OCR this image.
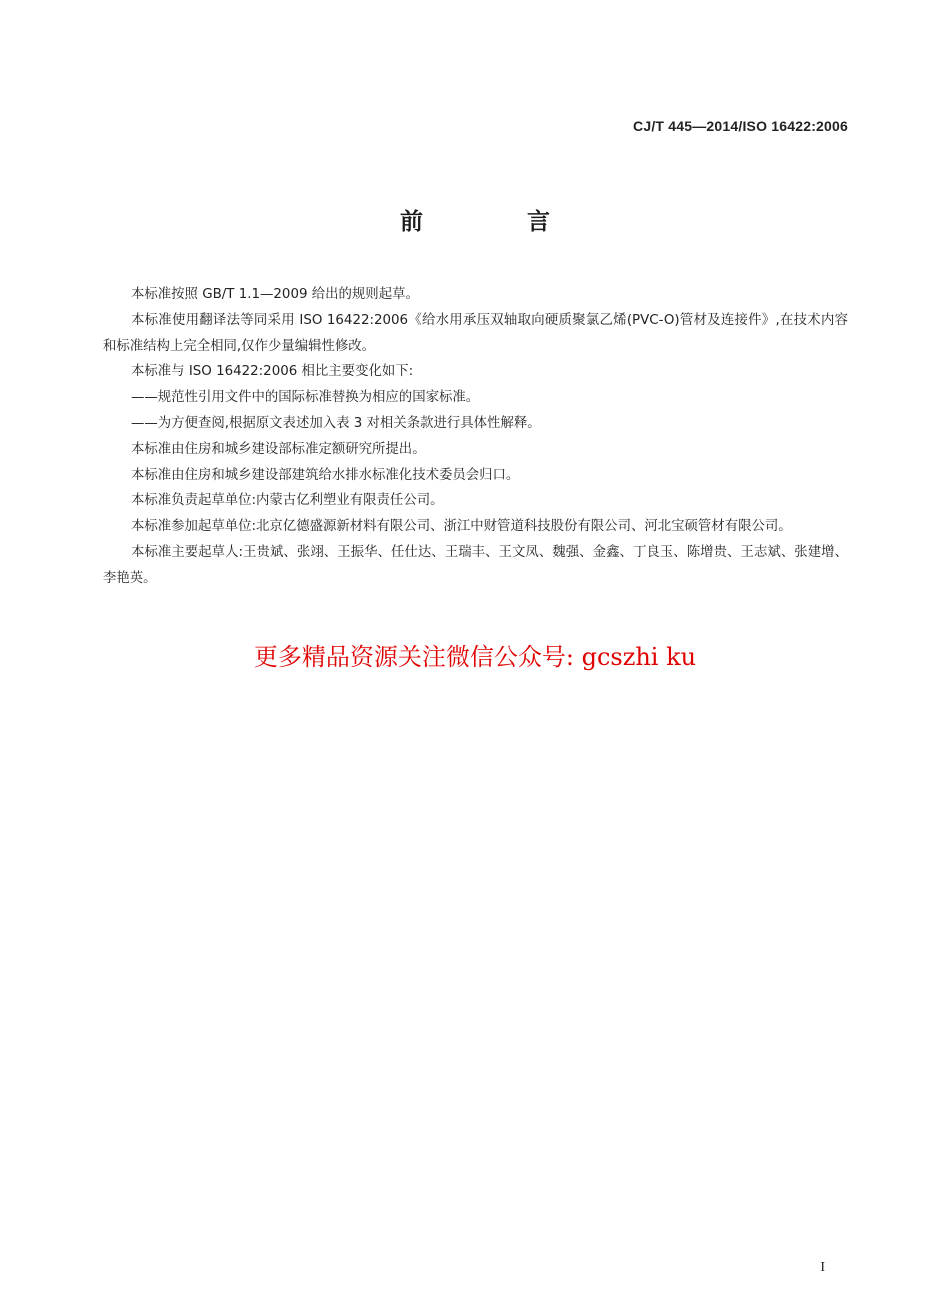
CJ/T 445—2014/ISO 16422:2006
前 言

本标准按照 GB/T 1.1—2009 给出的规则起草。

本标准使用翻译法等同采用 ISO 16422:2006《给水用承压双轴取向硬质聚氯乙烯(PVC-O)管材及连接件》,在技术内容和标准结构上完全相同,仅作少量编辑性修改。

本标准与 ISO 16422:2006 相比主要变化如下:

——规范性引用文件中的国际标准替换为相应的国家标准。

——为方便查阅,根据原文表述加入表 3 对相关条款进行具体性解释。

本标准由住房和城乡建设部标准定额研究所提出。

本标准由住房和城乡建设部建筑给水排水标准化技术委员会归口。

本标准负责起草单位:内蒙古亿利塑业有限责任公司。

本标准参加起草单位:北京亿德盛源新材料有限公司、浙江中财管道科技股份有限公司、河北宝硕管材有限公司。

本标准主要起草人:王贵斌、张翊、王振华、任仕达、王瑞丰、王文凤、魏强、金鑫、丁良玉、陈增贵、王志斌、张建增、李艳英。

更多精品资源关注微信公众号: gcszhi ku
I
